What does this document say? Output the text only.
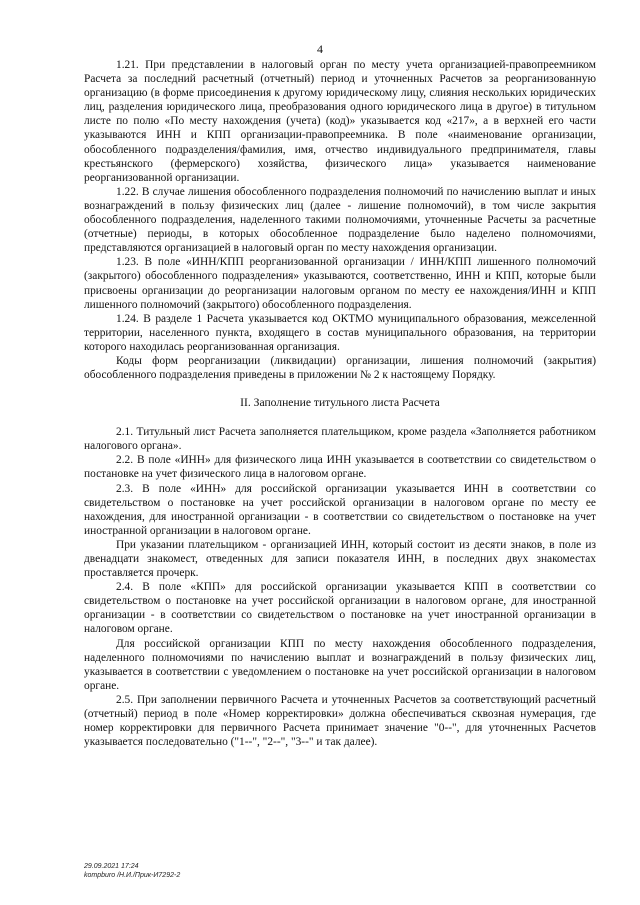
4

1.21. При представлении в налоговый орган по месту учета организацией-правопреемником Расчета за последний расчетный (отчетный) период и уточненных Расчетов за реорганизованную организацию (в форме присоединения к другому юридическому лицу, слияния нескольких юридических лиц, разделения юридического лица, преобразования одного юридического лица в другое) в титульном листе по полю «По месту нахождения (учета) (код)» указывается код «217», а в верхней его части указываются ИНН и КПП организации-правопреемника. В поле «наименование организации, обособленного подразделения/фамилия, имя, отчество индивидуального предпринимателя, главы крестьянского (фермерского) хозяйства, физического лица» указывается наименование реорганизованной организации.

1.22. В случае лишения обособленного подразделения полномочий по начислению выплат и иных вознаграждений в пользу физических лиц (далее - лишение полномочий), в том числе закрытия обособленного подразделения, наделенного такими полномочиями, уточненные Расчеты за расчетные (отчетные) периоды, в которых обособленное подразделение было наделено полномочиями, представляются организацией в налоговый орган по месту нахождения организации.

1.23. В поле «ИНН/КПП реорганизованной организации / ИНН/КПП лишенного полномочий (закрытого) обособленного подразделения» указываются, соответственно, ИНН и КПП, которые были присвоены организации до реорганизации налоговым органом по месту ее нахождения/ИНН и КПП лишенного полномочий (закрытого) обособленного подразделения.

1.24. В разделе 1 Расчета указывается код ОКТМО муниципального образования, межселенной территории, населенного пункта, входящего в состав муниципального образования, на территории которого находилась реорганизованная организация.

Коды форм реорганизации (ликвидации) организации, лишения полномочий (закрытия) обособленного подразделения приведены в приложении № 2 к настоящему Порядку.

II. Заполнение титульного листа Расчета

2.1. Титульный лист Расчета заполняется плательщиком, кроме раздела «Заполняется работником налогового органа».

2.2. В поле «ИНН» для физического лица ИНН указывается в соответствии со свидетельством о постановке на учет физического лица в налоговом органе.

2.3. В поле «ИНН» для российской организации указывается ИНН в соответствии со свидетельством о постановке на учет российской организации в налоговом органе по месту ее нахождения, для иностранной организации - в соответствии со свидетельством о постановке на учет иностранной организации в налоговом органе.

При указании плательщиком - организацией ИНН, который состоит из десяти знаков, в поле из двенадцати знакомест, отведенных для записи показателя ИНН, в последних двух знакоместах проставляется прочерк.

2.4. В поле «КПП» для российской организации указывается КПП в соответствии со свидетельством о постановке на учет российской организации в налоговом органе, для иностранной организации - в соответствии со свидетельством о постановке на учет иностранной организации в налоговом органе.

Для российской организации КПП по месту нахождения обособленного подразделения, наделенного полномочиями по начислению выплат и вознаграждений в пользу физических лиц, указывается в соответствии с уведомлением о постановке на учет российской организации в налоговом органе.

2.5. При заполнении первичного Расчета и уточненных Расчетов за соответствующий расчетный (отчетный) период в поле «Номер корректировки» должна обеспечиваться сквозная нумерация, где номер корректировки для первичного Расчета принимает значение "0--", для уточненных Расчетов указывается последовательно ("1--", "2--", "3--" и так далее).

29.09.2021 17:24
kompburo /Н.И./Прик-И7292-2
